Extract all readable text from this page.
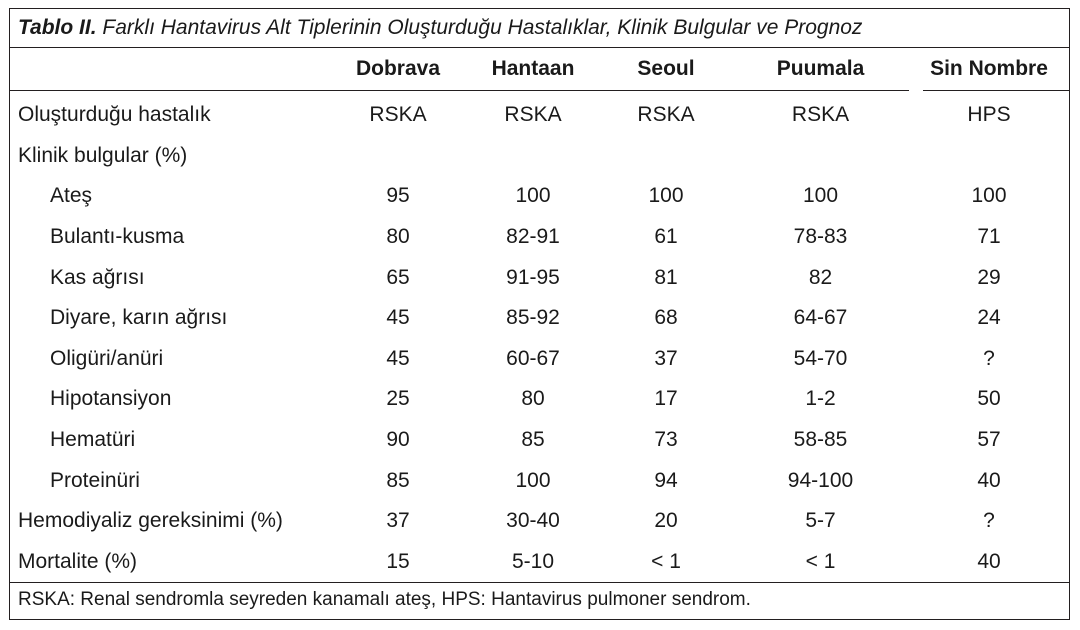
Tablo II. Farklı Hantavirus Alt Tiplerinin Oluşturduğu Hastalıklar, Klinik Bulgular ve Prognoz
	Dobrava	Hantaan	Seoul	Puumala	Sin Nombre

Oluşturduğu hastalık	RSKA	RSKA	RSKA	RSKA	HPS
Klinik bulgular (%)					
Ateş	95	100	100	100	100
Bulantı-kusma	80	82-91	61	78-83	71
Kas ağrısı	65	91-95	81	82	29
Diyare, karın ağrısı	45	85-92	68	64-67	24
Oligüri/anüri	45	60-67	37	54-70	?
Hipotansiyon	25	80	17	1-2	50
Hematüri	90	85	73	58-85	57
Proteinüri	85	100	94	94-100	40
Hemodiyaliz gereksinimi (%)	37	30-40	20	5-7	?
Mortalite (%)	15	5-10	< 1	< 1	40
RSKA: Renal sendromla seyreden kanamalı ateş, HPS: Hantavirus pulmoner sendrom.
